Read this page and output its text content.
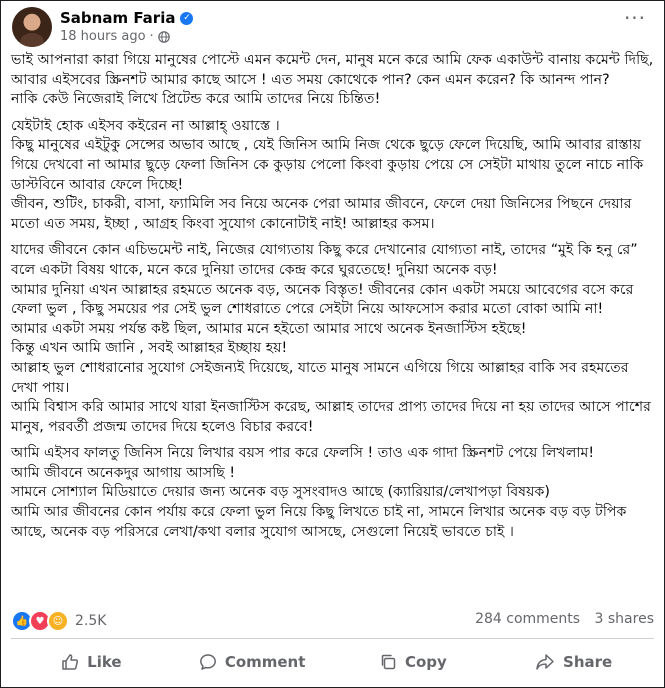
Sabnam Faria ✓
18 hours ago ·
···

ভাই আপনারা কারা গিয়ে মানুষের পোস্টে এমন কমেন্ট দেন, মানুষ মনে করে আমি ফেক একাউন্ট বানায় কমেন্ট দিছি, আবার এইসবের স্ক্রিনশট আমার কাছে আসে ! এত সময় কোথেকে পান? কেন এমন করেন? কি আনন্দ পান?
নাকি কেউ নিজেরাই লিখে প্রিটেন্ড করে আমি তাদের নিয়ে চিন্তিত!

যেইটাই হোক এইসব কইরেন না আল্লাহ্‌ ওয়াস্তে ।
কিছু মানুষের এইটুকু সেন্সের অভাব আছে , যেই জিনিস আমি নিজ থেকে ছুড়ে ফেলে দিয়েছি, আমি আবার রাস্তায় গিয়ে দেখবো না আমার ছুড়ে ফেলা জিনিস কে কুড়ায় পেলো কিংবা কুড়ায় পেয়ে সে সেইটা মাথায় তুলে নাচে নাকি ডাস্টবিনে আবার ফেলে দিচ্ছে!
জীবন, শুটিং, চাকরী, বাসা, ফ্যামিলি সব নিয়ে অনেক পেরা আমার জীবনে, ফেলে দেয়া জিনিসের পিছনে দেয়ার মতো এত সময়, ইচ্ছা , আগ্রহ কিংবা সুযোগ কোনোটাই নাই! আল্লাহর কসম।

যাদের জীবনে কোন এচিভমেন্ট নাই, নিজের যোগ্যতায় কিছু করে দেখানোর যোগ্যতা নাই, তাদের “মুই কি হনু রে” বলে একটা বিষয় থাকে, মনে করে দুনিয়া তাদের কেন্দ্র করে ঘুরতেছে! দুনিয়া অনেক বড়!
আমার দুনিয়া এখন আল্লাহর রহমতে অনেক বড়, অনেক বিস্তৃত! জীবনের কোন একটা সময়ে আবেগের বসে করে ফেলা ভুল , কিছু সময়ের পর সেই ভুল শোধরাতে পেরে সেইটা নিয়ে আফসোস করার মতো বোকা আমি না!
আমার একটা সময় পর্যন্ত কষ্ট ছিল, আমার মনে হইতো আমার সাথে অনেক ইনজাস্টিস হইছে!
কিন্তু এখন আমি জানি , সবই আল্লাহর ইচ্ছায় হয়!
আল্লাহ ভুল শোধরানোর সুযোগ সেইজন্যই দিয়েছে, যাতে মানুষ সামনে এগিয়ে গিয়ে আল্লাহর বাকি সব রহমতের দেখা পায়।
আমি বিশ্বাস করি আমার সাথে যারা ইনজাস্টিস করেছ, আল্লাহ তাদের প্রাপ্য তাদের দিয়ে না হয় তাদের আসে পাশের মানুষ, পরবর্তী প্রজন্ম তাদের দিয়ে হলেও বিচার করবে!

আমি এইসব ফালতু জিনিস নিয়ে লিখার বয়স পার করে ফেলসি ! তাও এক গাদা স্ক্রিনশট পেয়ে লিখলাম!
আমি জীবনে অনেকদুর আগায় আসছি !
সামনে সোশ্যাল মিডিয়াতে দেয়ার জন্য অনেক বড় সুসংবাদও আছে (ক্যারিয়ার/লেখাপড়া বিষয়ক)
আমি আর জীবনের কোন পর্যায় করে ফেলা ভুল নিয়ে কিছু লিখতে চাই না, সামনে লিখার অনেক বড় বড় টপিক আছে, অনেক বড় পরিসরে লেখা/কথা বলার সুযোগ আসছে, সেগুলো নিয়েই ভাবতে চাই ।

👍 ♥ ☺ 2.5K	284 comments 3 shares
Like	Comment	Copy	Share
